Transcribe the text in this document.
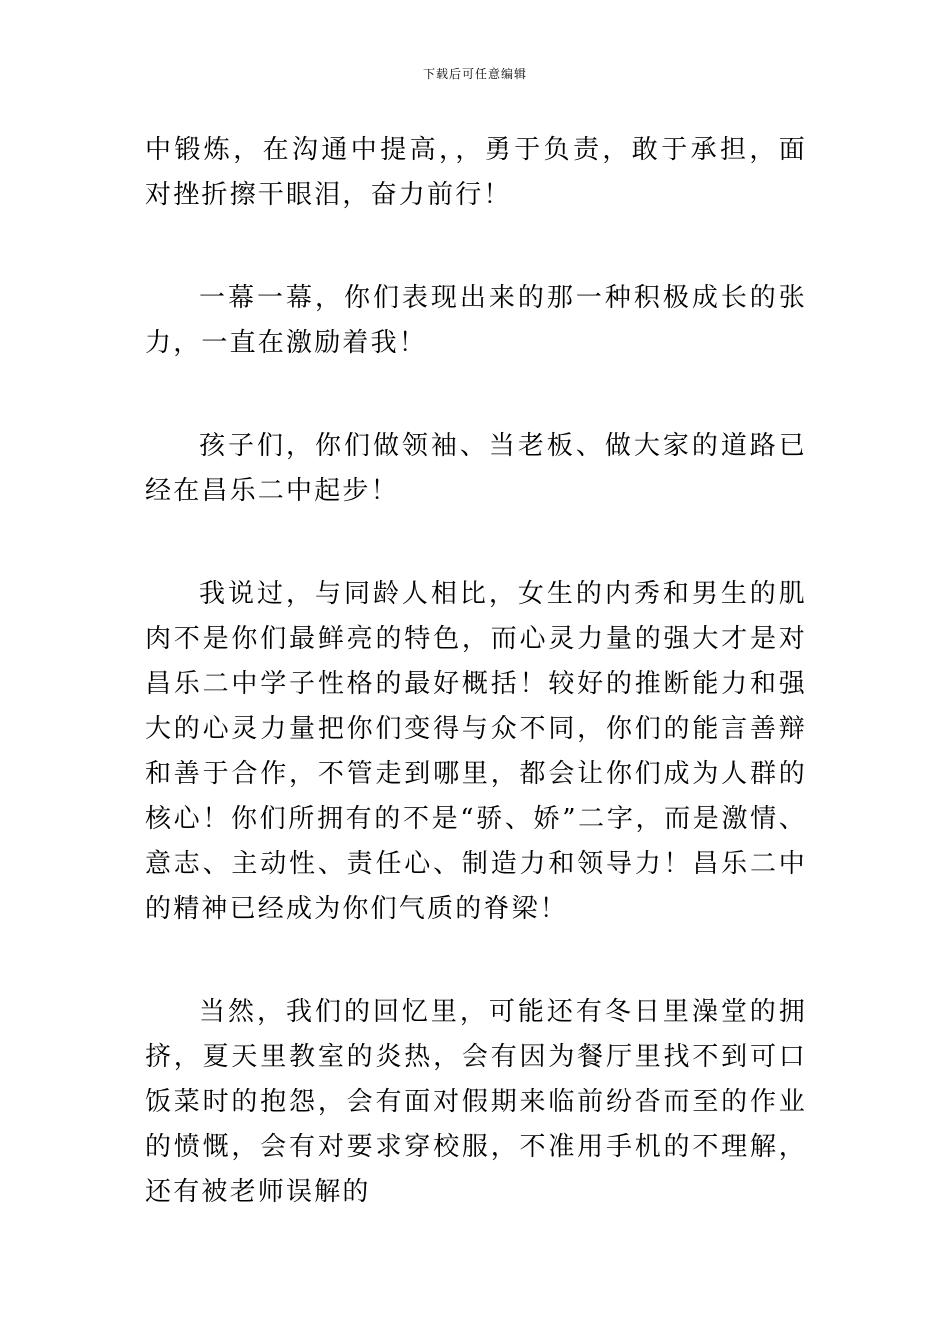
下载后可任意编辑

中锻炼，在沟通中提高，，勇于负责，敢于承担，面对挫折擦干眼泪，奋力前行！

一幕一幕，你们表现出来的那一种积极成长的张力，一直在激励着我！

孩子们，你们做领袖、当老板、做大家的道路已经在昌乐二中起步！

我说过，与同龄人相比，女生的内秀和男生的肌肉不是你们最鲜亮的特色，而心灵力量的强大才是对昌乐二中学子性格的最好概括！较好的推断能力和强大的心灵力量把你们变得与众不同，你们的能言善辩和善于合作，不管走到哪里，都会让你们成为人群的核心！你们所拥有的不是“骄、娇”二字，而是激情、意志、主动性、责任心、制造力和领导力！昌乐二中的精神已经成为你们气质的脊梁！

当然，我们的回忆里，可能还有冬日里澡堂的拥挤，夏天里教室的炎热，会有因为餐厅里找不到可口饭菜时的抱怨，会有面对假期来临前纷沓而至的作业的愤慨，会有对要求穿校服，不准用手机的不理解，还有被老师误解的
